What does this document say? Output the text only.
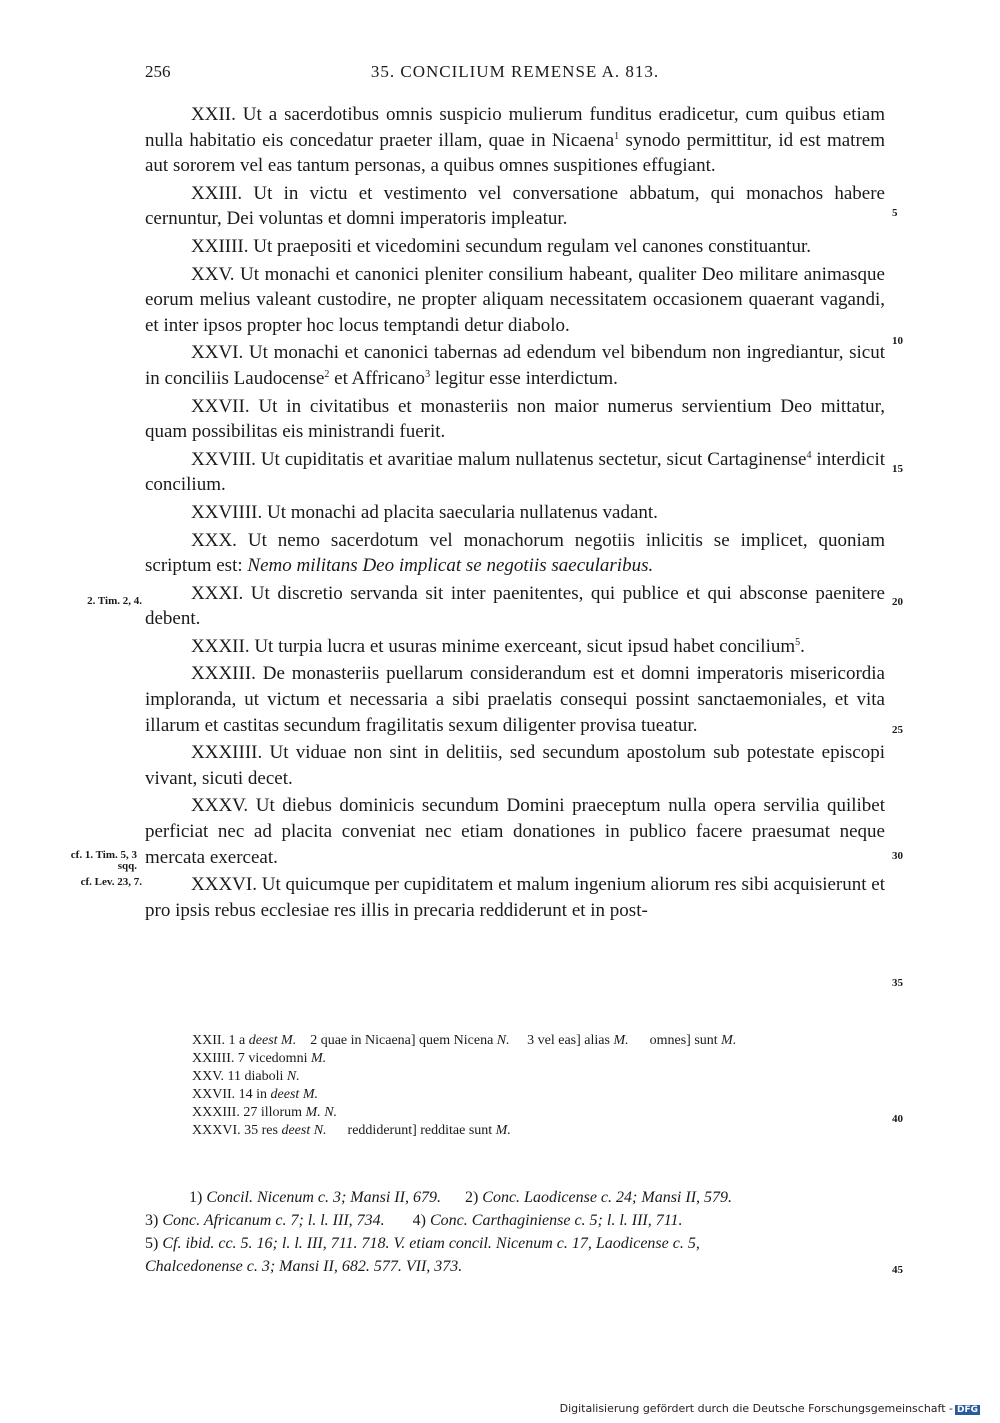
256	35. CONCILIUM REMENSE A. 813.

XXII. Ut a sacerdotibus omnis suspicio mulierum funditus eradicetur, cum quibus etiam nulla habitatio eis concedatur praeter illam, quae in Nicaena$^1$ synodo permittitur, id est matrem aut sororem vel eas tantum personas, a quibus omnes suspitiones effugiant.

XXIII. Ut in victu et vestimento vel conversatione abbatum, qui monachos habere cernuntur, Dei voluntas et domni imperatoris impleatur.

XXIIII. Ut praepositi et vicedomini secundum regulam vel canones constituantur.

XXV. Ut monachi et canonici pleniter consilium habeant, qualiter Deo militare animasque eorum melius valeant custodire, ne propter aliquam necessitatem occasionem quaerant vagandi, et inter ipsos propter hoc locus temptandi detur diabolo.

XXVI. Ut monachi et canonici tabernas ad edendum vel bibendum non ingrediantur, sicut in conciliis Laudocense$^2$ et Affricano$^3$ legitur esse interdictum.

XXVII. Ut in civitatibus et monasteriis non maior numerus servientium Deo mittatur, quam possibilitas eis ministrandi fuerit.

XXVIII. Ut cupiditatis et avaritiae malum nullatenus sectetur, sicut Cartaginense$^4$ interdicit concilium.

XXVIIII. Ut monachi ad placita saecularia nullatenus vadant.

XXX. Ut nemo sacerdotum vel monachorum negotiis inlicitis se implicet, quoniam scriptum est: Nemo militans Deo implicat se negotiis saecularibus.

XXXI. Ut discretio servanda sit inter paenitentes, qui publice et qui absconse paenitere debent.

XXXII. Ut turpia lucra et usuras minime exerceant, sicut ipsud habet concilium$^5$.

XXXIII. De monasteriis puellarum considerandum est et domni imperatoris misericordia imploranda, ut victum et necessaria a sibi praelatis consequi possint sanctaemoniales, et vita illarum et castitas secundum fragilitatis sexum diligenter provisa tueatur.

XXXIIII. Ut viduae non sint in delitiis, sed secundum apostolum sub potestate episcopi vivant, sicuti decet.

XXXV. Ut diebus dominicis secundum Domini praeceptum nulla opera servilia quilibet perficiat nec ad placita conveniat nec etiam donationes in publico facere praesumat neque mercata exerceat.

XXXVI. Ut quicumque per cupiditatem et malum ingenium aliorum res sibi acquisierunt et pro ipsis rebus ecclesiae res illis in precaria reddiderunt et in post-

5
10
15
20
25
30
35
40
45
2. Tim. 2, 4.
cf. 1. Tim. 5, 3 sqq.
cf. Lev. 23, 7.
XXII. 1 a deest M.    2 quae in Nicaena] quem Nicena N.     3 vel eas] alias M.      omnes] sunt M.
XXIIII. 7 vicedomni M.
XXV. 11 diaboli N.
XXVII. 14 in deest M.
XXXIII. 27 illorum M. N.
XXXVI. 35 res deest N.      reddiderunt] redditae sunt M.
1) Concil. Nicenum c. 3; Mansi II, 679.      2) Conc. Laodicense c. 24; Mansi II, 579.
3) Conc. Africanum c. 7; l. l. III, 734.       4) Conc. Carthaginiense c. 5; l. l. III, 711.
5) Cf. ibid. cc. 5. 16; l. l. III, 711. 718. V. etiam concil. Nicenum c. 17, Laodicense c. 5,
Chalcedonense c. 3; Mansi II, 682. 577. VII, 373.
Digitalisierung gefördert durch die Deutsche Forschungsgemeinschaft - DFG
